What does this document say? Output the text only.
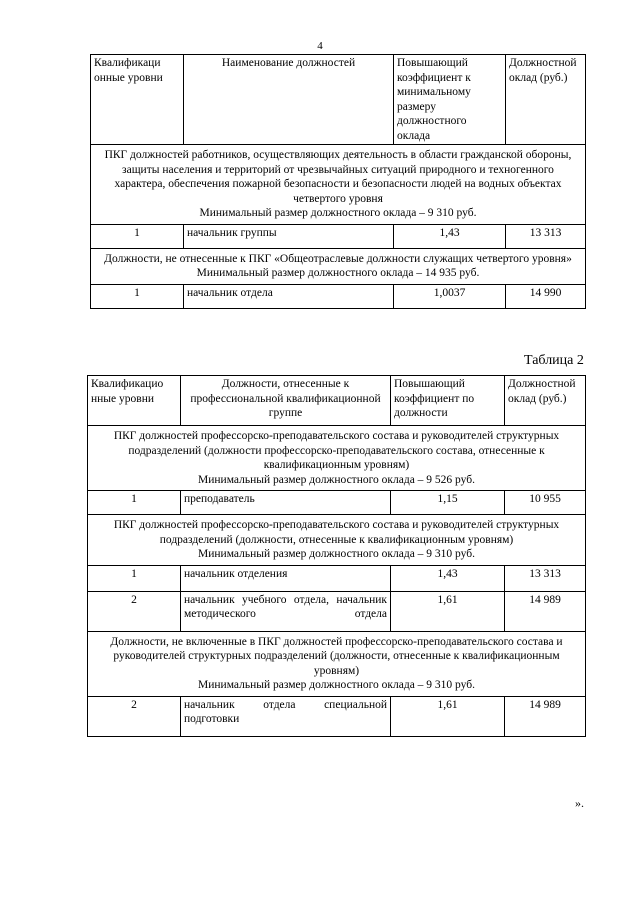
4
Квалификаци онные уровни	Наименование должностей	Повышающий коэффициент к минимальному размеру должностного оклада	Должностной оклад (руб.)

ПКГ должностей работников, осуществляющих деятельность в области гражданской обороны, защиты населения и территорий от чрезвычайных ситуаций природного и техногенного характера, обеспечения пожарной безопасности и безопасности людей на водных объектах четвертого уровня
Минимальный размер должностного оклада – 9 310 руб.			

1	начальник группы	1,43	13 313

Должности, не отнесенные к ПКГ «Общеотраслевые должности служащих четвертого уровня»
Минимальный размер должностного оклада – 14 935 руб.			

1	начальник отдела	1,0037	14 990
Таблица 2
Квалификацио нные уровни	Должности, отнесенные к профессиональной квалификационной группе	Повышающий коэффициент по должности	Должностной оклад (руб.)

ПКГ должностей профессорско-преподавательского состава и руководителей структурных подразделений (должности профессорско-преподавательского состава, отнесенные к квалификационным уровням)
Минимальный размер должностного оклада – 9 526 руб.			

1	преподаватель	1,15	10 955

ПКГ должностей профессорско-преподавательского состава и руководителей структурных подразделений (должности, отнесенные к квалификационным уровням)
Минимальный размер должностного оклада – 9 310 руб.			

1	начальник отделения	1,43	13 313
2	начальник учебного отдела, начальник методического отдела	1,61	14 989

Должности, не включенные в ПКГ должностей профессорско-преподавательского состава и руководителей структурных подразделений (должности, отнесенные к квалификационным уровням)
Минимальный размер должностного оклада – 9 310 руб.			

2	начальник отдела специальной подготовки	1,61	14 989
».
